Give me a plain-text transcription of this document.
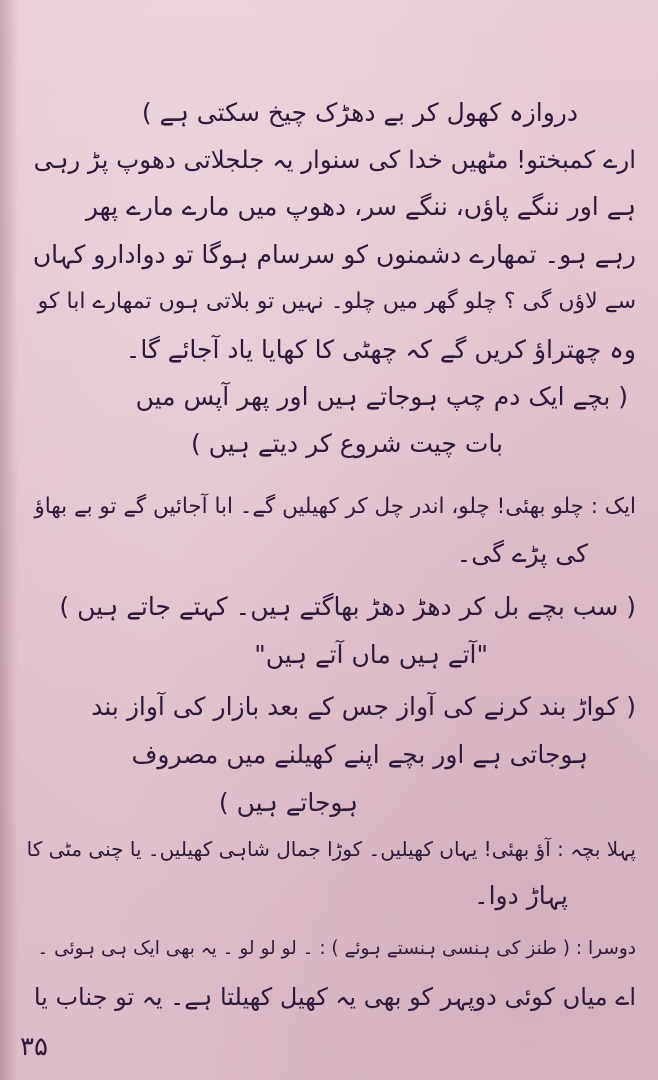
دروازہ کھول کر بے دھڑک چیخ سکتی ہے )
ارے کمبختو! مٹھیں خدا کی سنوار یہ جلجلاتی دھوپ پڑ رہی
ہے اور ننگے پاؤں، ننگے سر، دھوپ میں مارے مارے پھر
رہے ہو۔ تمھارے دشمنوں کو سرسام ہوگا تو دوادارو کہاں
سے لاؤں گی ؟ چلو گھر میں چلو۔ نہیں تو بلاتی ہوں تمھارے ابا کو
وہ چھتراؤ کریں گے کہ چھٹی کا کھایا یاد آجائے گا۔
( بچے ایک دم چپ ہوجاتے ہیں اور پھر آپس میں
بات چیت شروع کر دیتے ہیں )
ایک : چلو بھئی! چلو، اندر چل کر کھیلیں گے۔ ابا آجائیں گے تو بے بھاؤ
کی پڑے گی۔
( سب بچے بل کر دھڑ دھڑ بھاگتے ہیں۔ کہتے جاتے ہیں )
"آتے ہیں ماں آتے ہیں"
( کواڑ بند کرنے کی آواز جس کے بعد بازار کی آواز بند
ہوجاتی ہے اور بچے اپنے کھیلنے میں مصروف
ہوجاتے ہیں )
پہلا بچہ : آؤ بھئی! یہاں کھیلیں۔ کوڑا جمال شاہی کھیلیں۔ یا چنی مٹی کا
پہاڑ دوا۔
دوسرا : ( طنز کی ہنسی ہنستے ہوئے ) : ۔ لو لو لو ۔ یہ بھی ایک ہی ہوئی ۔
اے میاں کوئی دوپہر کو بھی یہ کھیل کھیلتا ہے۔ یہ تو جناب یا
۳۵
